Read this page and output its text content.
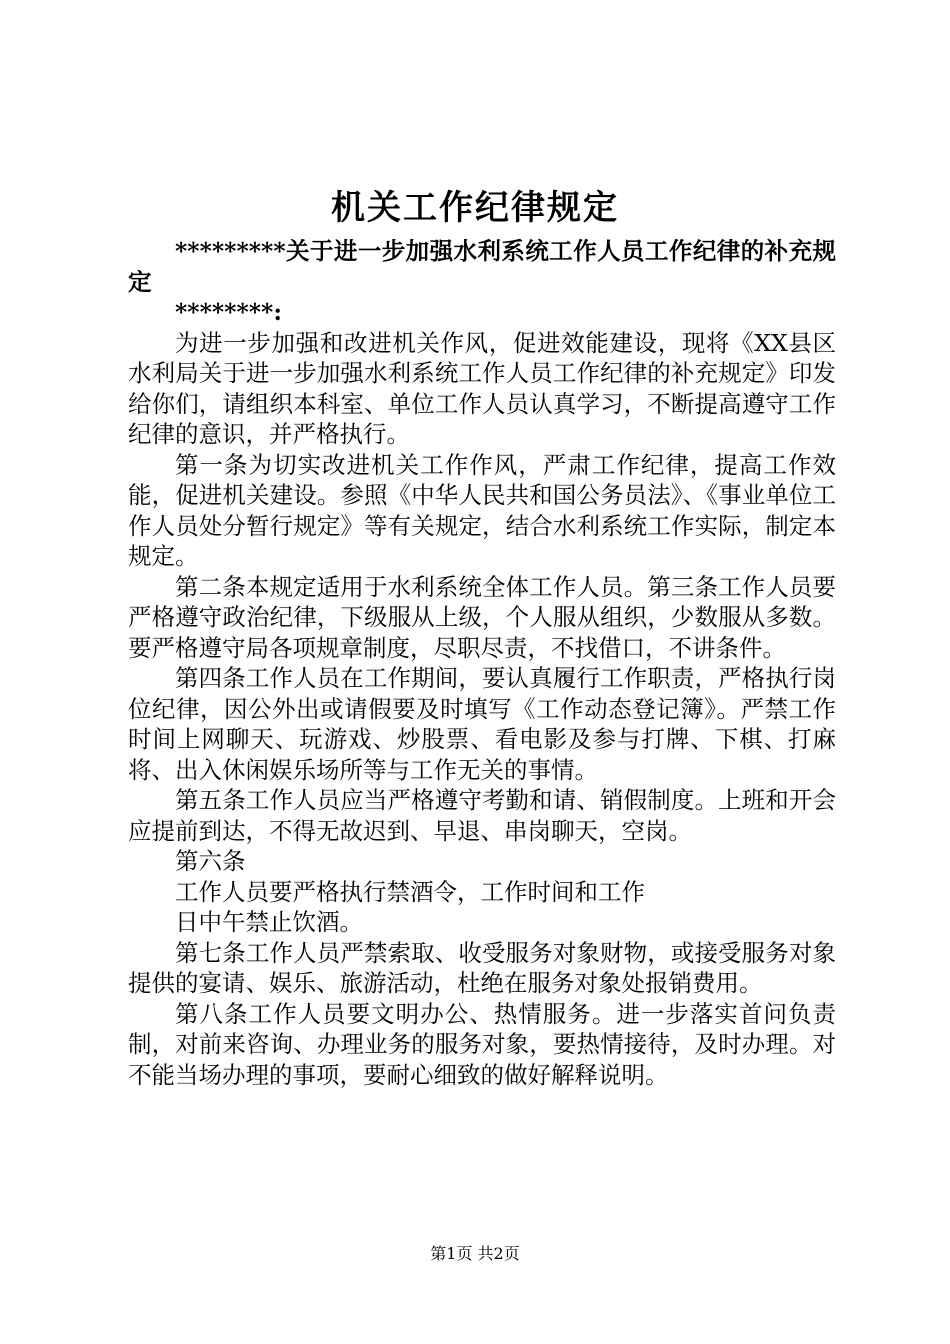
机关工作纪律规定

*********关于进一步加强水利系统工作人员工作纪律的补充规定

********:

为进一步加强和改进机关作风，促进效能建设，现将《XX县区水利局关于进一步加强水利系统工作人员工作纪律的补充规定》印发给你们，请组织本科室、单位工作人员认真学习，不断提高遵守工作纪律的意识，并严格执行。

第一条为切实改进机关工作作风，严肃工作纪律，提高工作效能，促进机关建设。参照《中华人民共和国公务员法》、《事业单位工作人员处分暂行规定》等有关规定，结合水利系统工作实际，制定本规定。

第二条本规定适用于水利系统全体工作人员。第三条工作人员要严格遵守政治纪律，下级服从上级，个人服从组织，少数服从多数。要严格遵守局各项规章制度，尽职尽责，不找借口，不讲条件。

第四条工作人员在工作期间，要认真履行工作职责，严格执行岗位纪律，因公外出或请假要及时填写《工作动态登记簿》。严禁工作时间上网聊天、玩游戏、炒股票、看电影及参与打牌、下棋、打麻将、出入休闲娱乐场所等与工作无关的事情。

第五条工作人员应当严格遵守考勤和请、销假制度。上班和开会应提前到达，不得无故迟到、早退、串岗聊天，空岗。

第六条

工作人员要严格执行禁酒令，工作时间和工作

日中午禁止饮酒。

第七条工作人员严禁索取、收受服务对象财物，或接受服务对象提供的宴请、娱乐、旅游活动，杜绝在服务对象处报销费用。

第八条工作人员要文明办公、热情服务。进一步落实首问负责制，对前来咨询、办理业务的服务对象，要热情接待，及时办理。对不能当场办理的事项，要耐心细致的做好解释说明。

第1页 共2页
